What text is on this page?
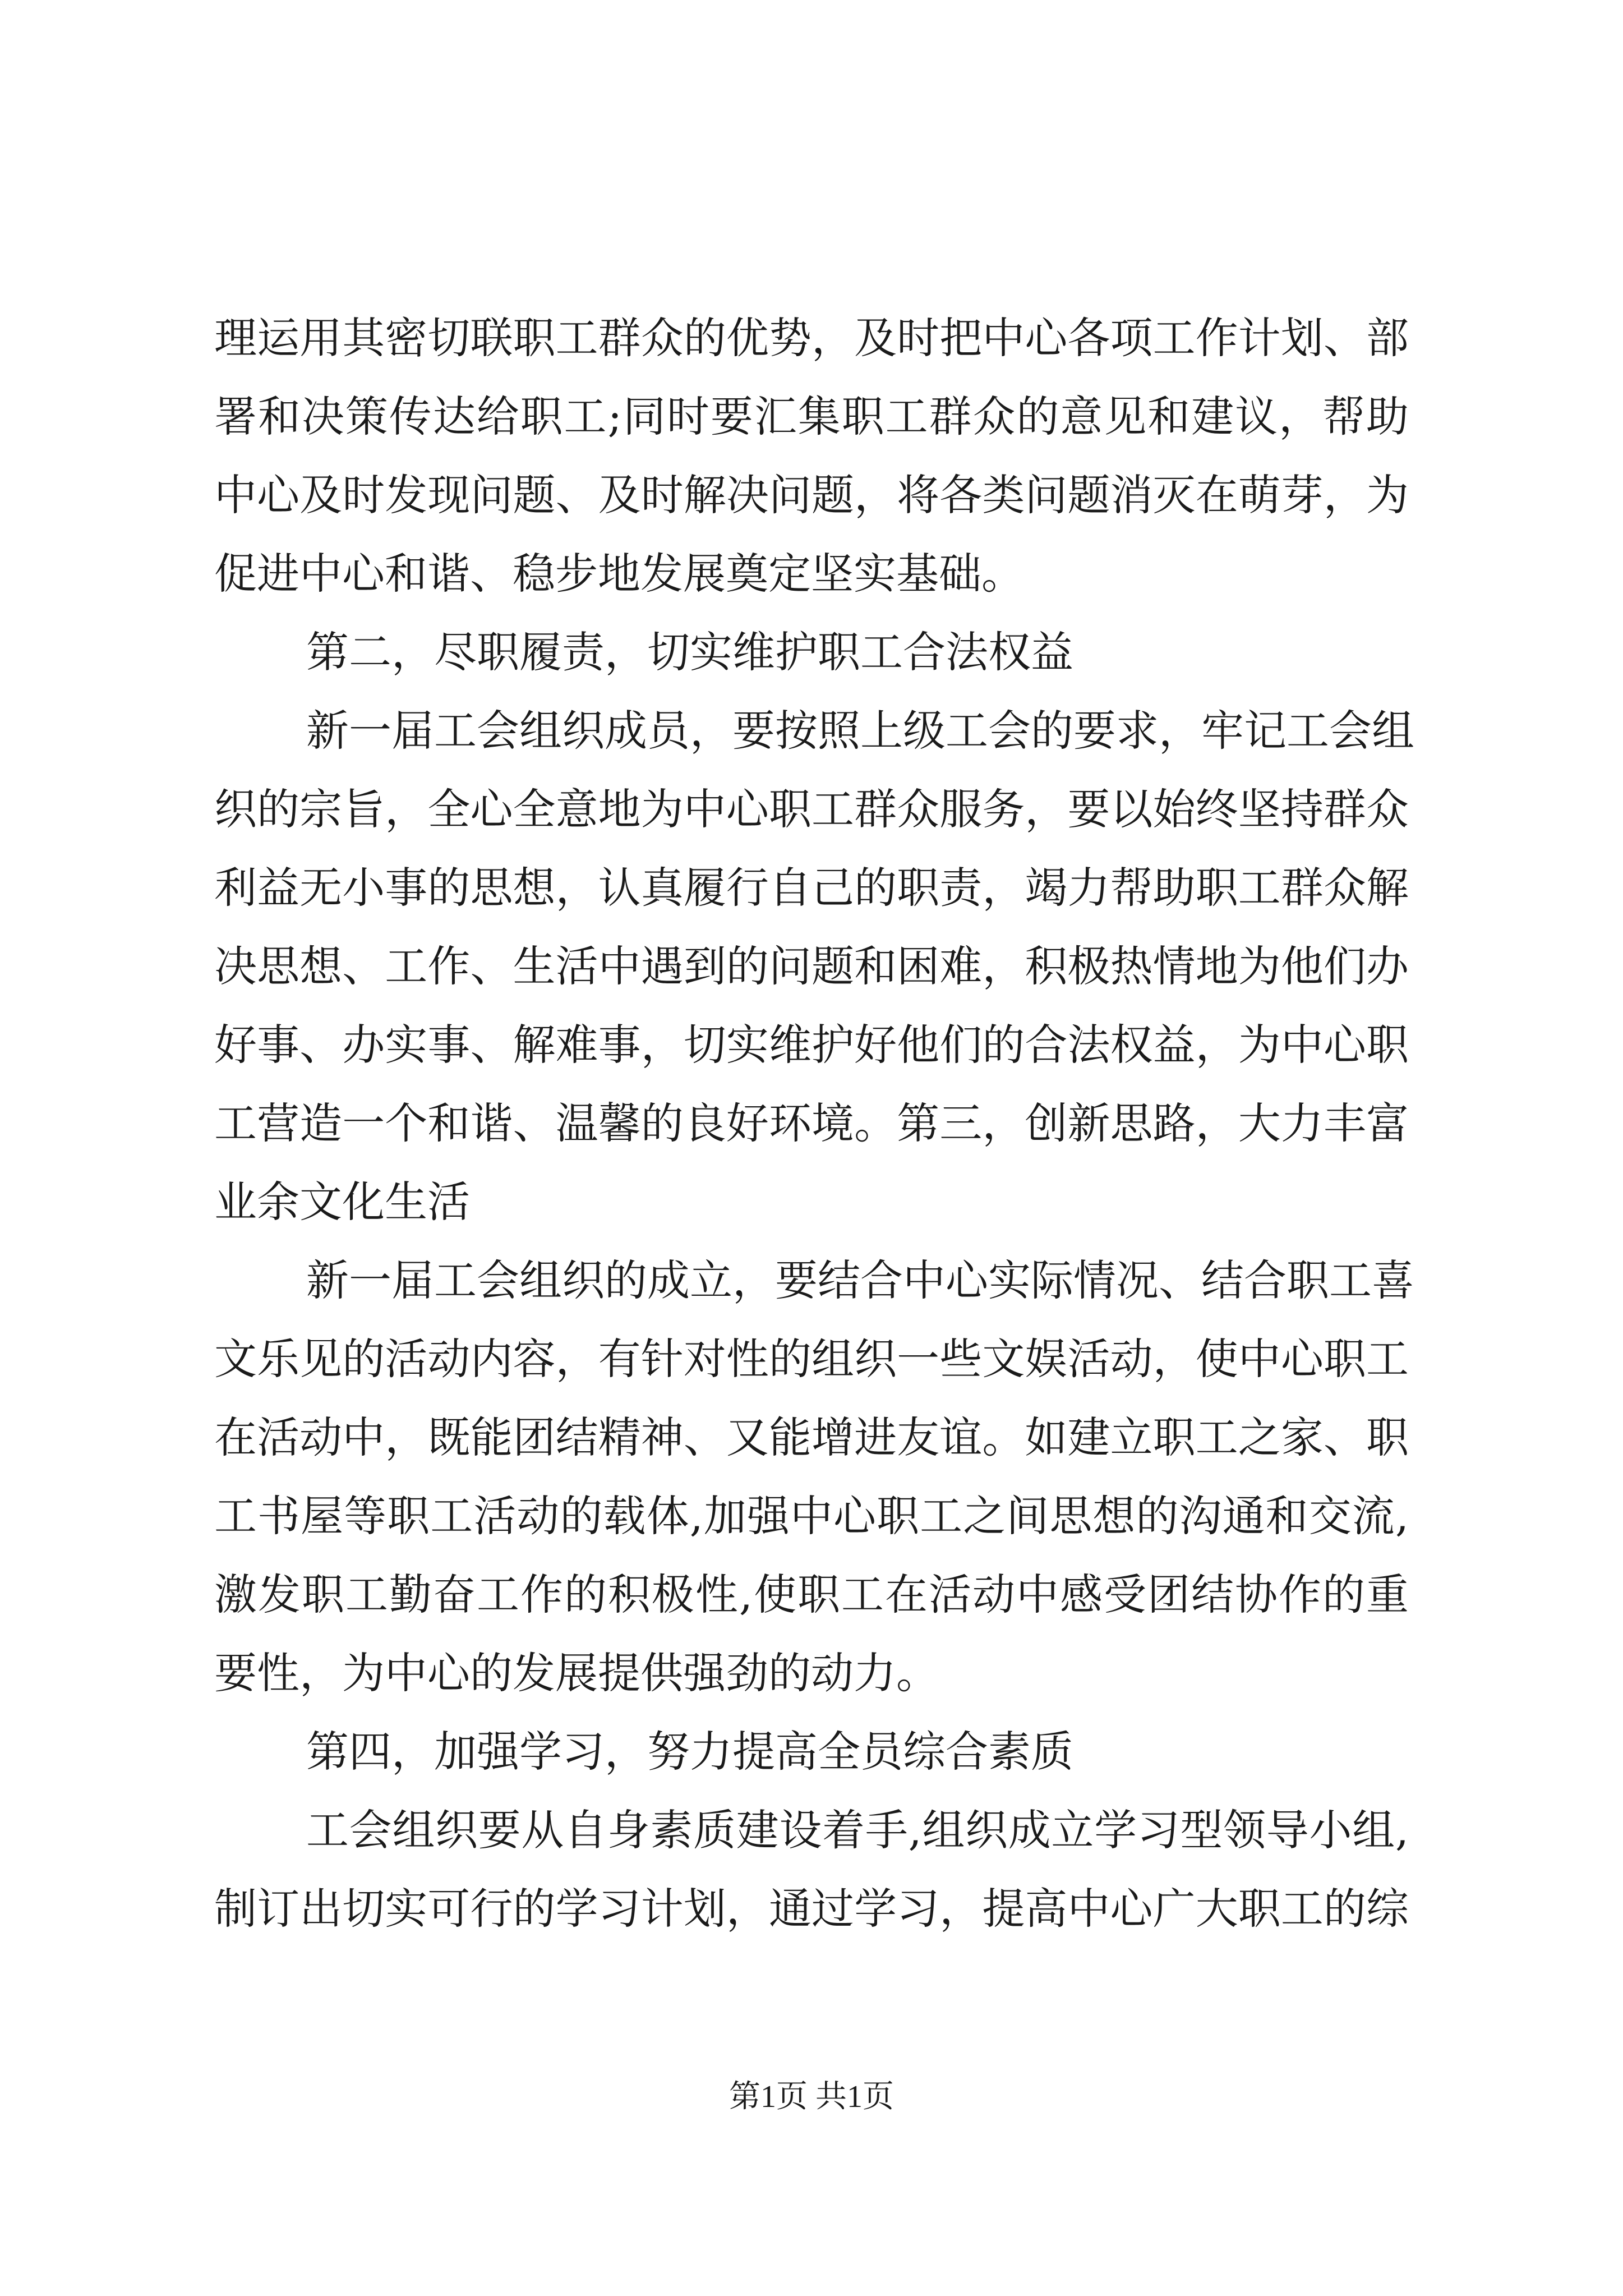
理运用其密切联职工群众的优势，及时把中心各项工作计划、部
署和决策传达给职工;同时要汇集职工群众的意见和建议，帮助
中心及时发现问题、及时解决问题，将各类问题消灭在萌芽，为
促进中心和谐、稳步地发展奠定坚实基础。
第二，尽职履责，切实维护职工合法权益
新一届工会组织成员，要按照上级工会的要求，牢记工会组
织的宗旨，全心全意地为中心职工群众服务，要以始终坚持群众
利益无小事的思想，认真履行自己的职责，竭力帮助职工群众解
决思想、工作、生活中遇到的问题和困难，积极热情地为他们办
好事、办实事、解难事，切实维护好他们的合法权益，为中心职
工营造一个和谐、温馨的良好环境。第三，创新思路，大力丰富
业余文化生活
新一届工会组织的成立，要结合中心实际情况、结合职工喜
文乐见的活动内容，有针对性的组织一些文娱活动，使中心职工
在活动中，既能团结精神、又能增进友谊。如建立职工之家、职
工书屋等职工活动的载体,加强中心职工之间思想的沟通和交流,
激发职工勤奋工作的积极性,使职工在活动中感受团结协作的重
要性，为中心的发展提供强劲的动力。
第四，加强学习，努力提高全员综合素质
工会组织要从自身素质建设着手,组织成立学习型领导小组,
制订出切实可行的学习计划，通过学习，提高中心广大职工的综
第1页 共1页
